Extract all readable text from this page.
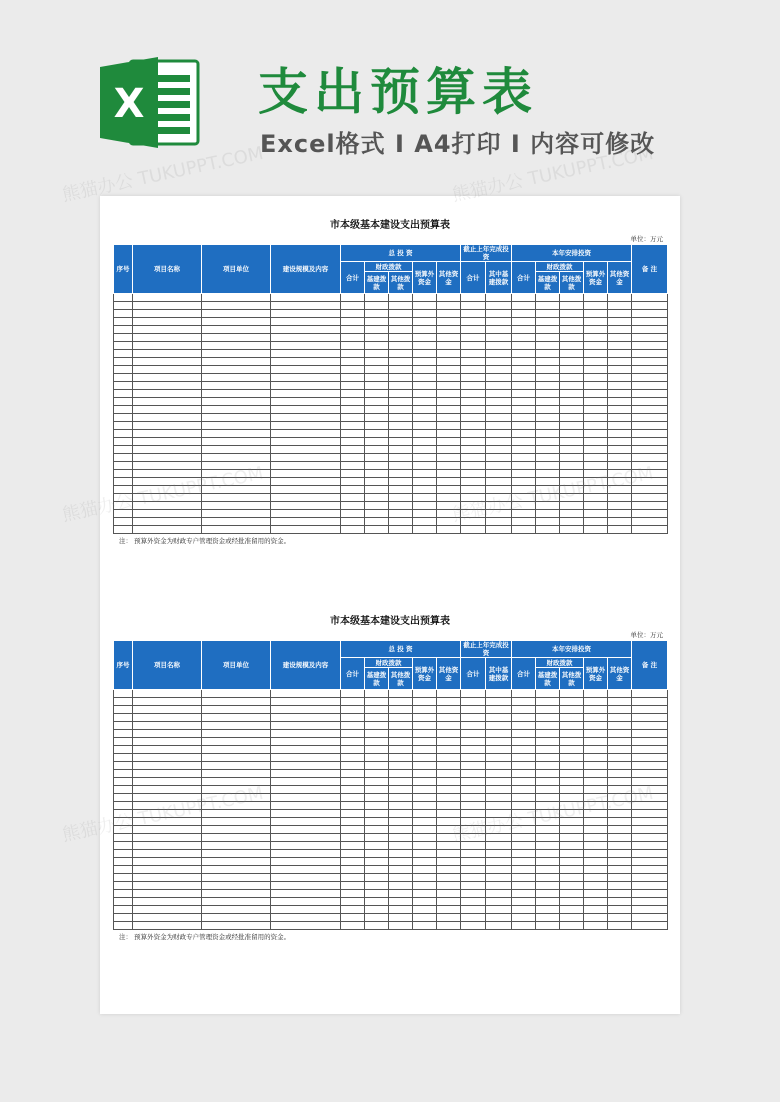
X 支出预算表
Excel格式 I A4打印 I 内容可修改
市本级基本建设支出预算表
单位：万元
序号	项目名称	项目单位	建设规模及内容	总 投 资					截止上年完成投资		本年安排投资					备 注
				合计	财政拨款		预算外资金	其他资金	合计	其中基建拨款	合计	财政拨款		预算外资金	其他资金	
					基建拨款	其他拨款						基建拨款	其他拨款			

注： 预算外资金为财政专户管理资金或经批准留用的资金。
市本级基本建设支出预算表
单位：万元
序号	项目名称	项目单位	建设规模及内容	总 投 资					截止上年完成投资		本年安排投资					备 注
				合计	财政拨款		预算外资金	其他资金	合计	其中基建拨款	合计	财政拨款		预算外资金	其他资金	
					基建拨款	其他拨款						基建拨款	其他拨款			

注： 预算外资金为财政专户管理资金或经批准留用的资金。
熊猫办公 TUKUPPT.COM	熊猫办公 TUKUPPT.COM
熊猫办公
熊猫办公
